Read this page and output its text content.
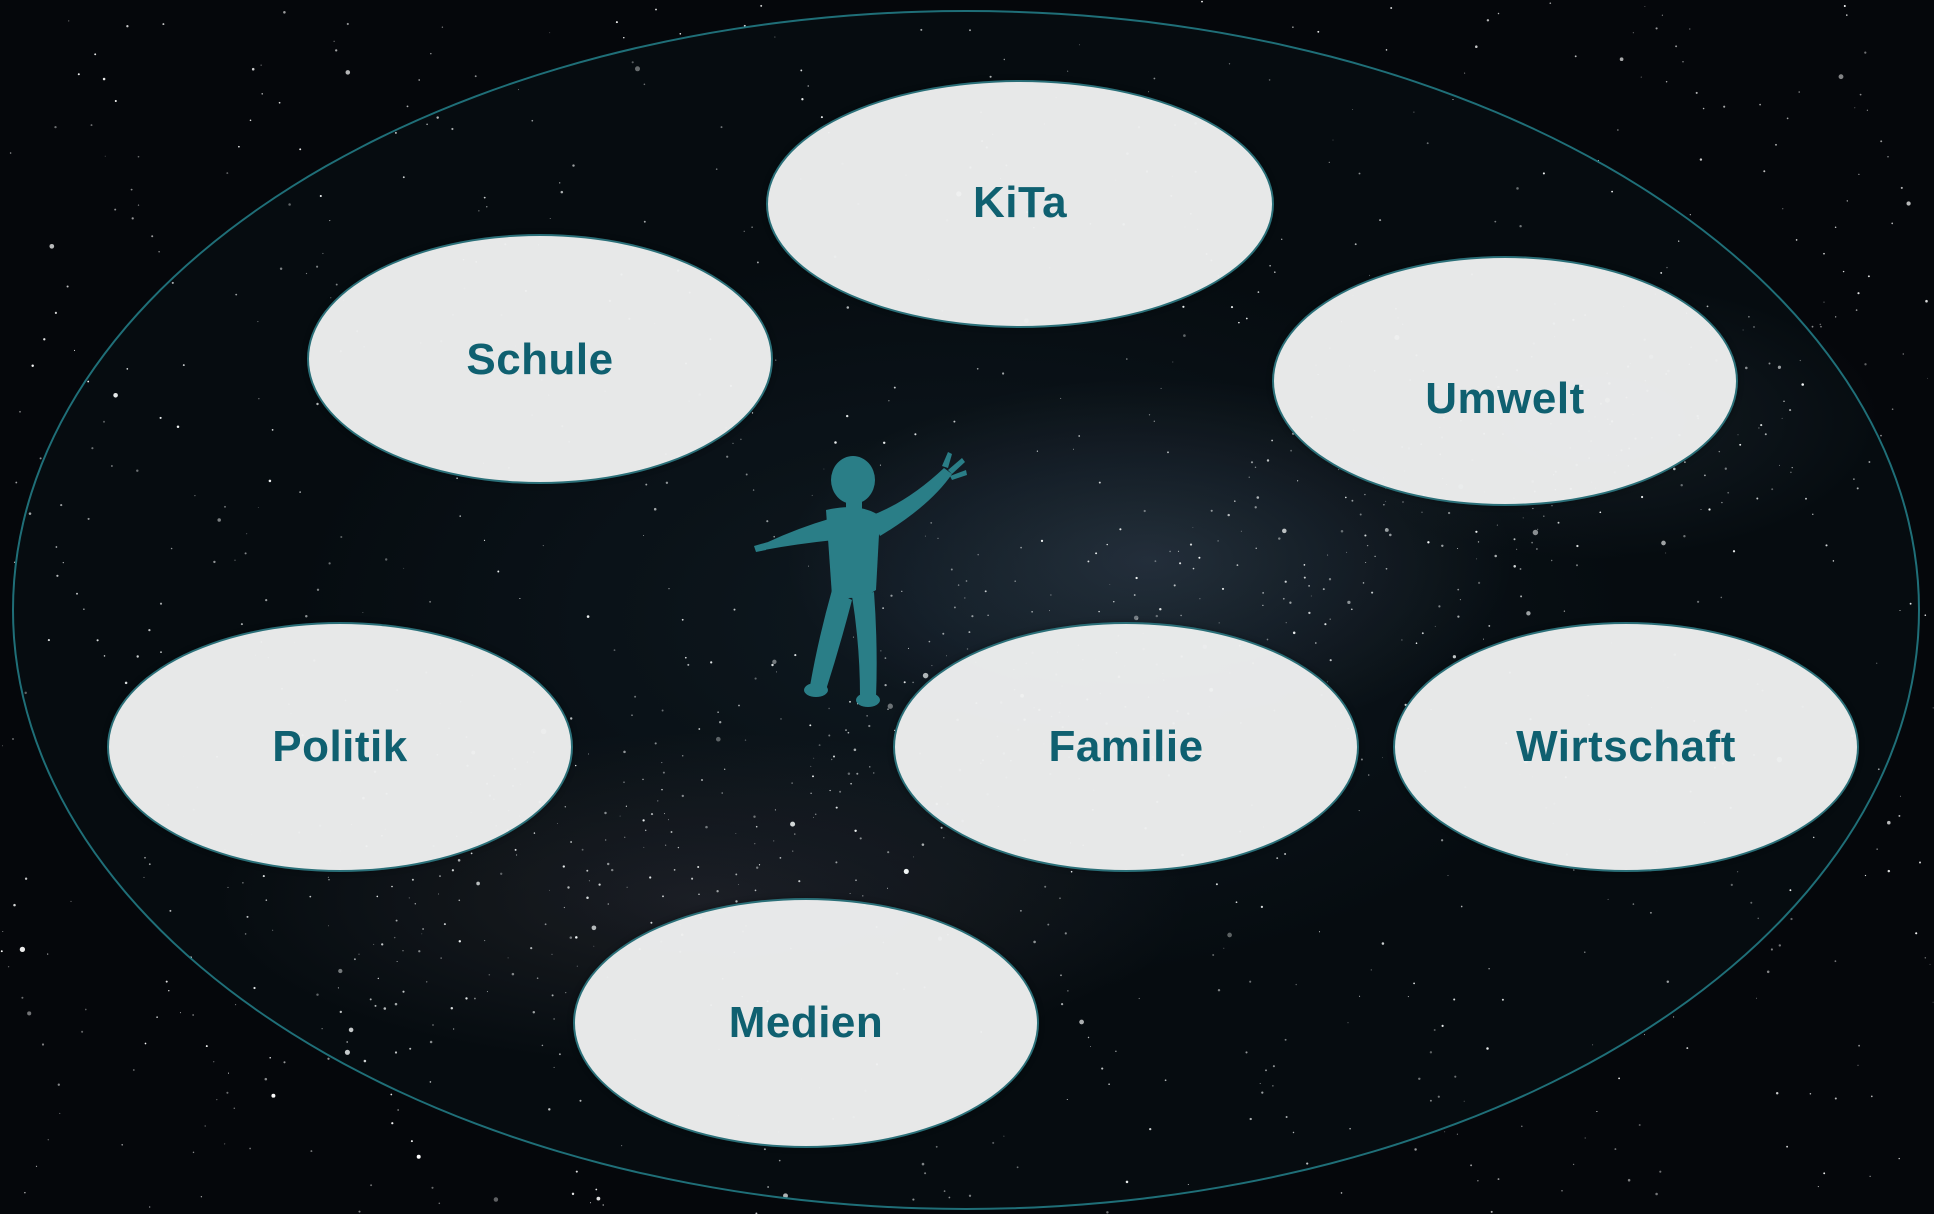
KiTa
Schule
Umwelt
Politik	Familie	Wirtschaft
Medien
